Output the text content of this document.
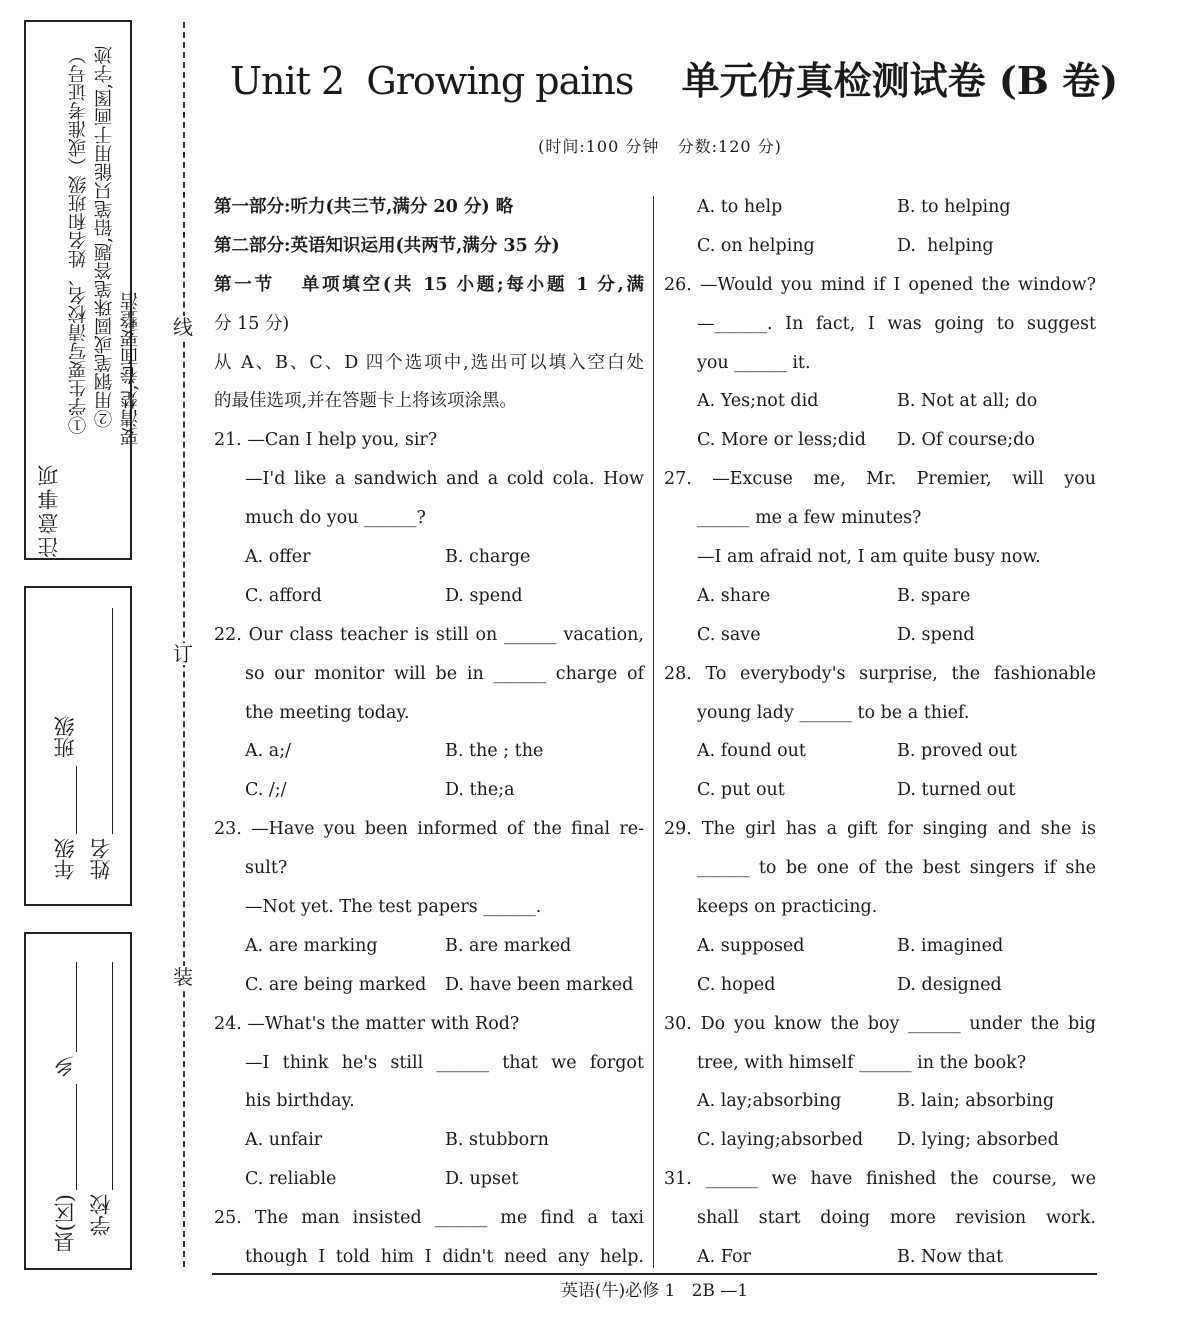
注意事项
①学生要写清校名、姓名和班级（或准考证号） ②用钢笔或圆珠笔答题,铅笔只能用于画图,字迹 要清楚,卷面要整洁
年级
班级
姓名
县(区)
乡
学校
线
订
装
Unit 2  Growing pains 单元仿真检测试卷 (B 卷)
(时间:100 分钟   分数:120 分)
第一部分:听力(共三节,满分 20 分) 略
第二部分:英语知识运用(共两节,满分 35 分)
第一节   单项填空(共 15 小题;每小题 1 分,满
分 15 分)
从 A、B、C、D 四个选项中,选出可以填入空白处
的最佳选项,并在答题卡上将该项涂黑。
21. —Can I help you, sir?
—I'd like a sandwich and a cold cola. How
much do you ______?
A. offer	B. charge
C. afford	D. spend
22. Our class teacher is still on ______ vacation,
so our monitor will be in ______ charge of
the meeting today.
A. a;/	B. the ; the
C. /;/	D. the;a
23. —Have you been informed of the final re-
sult?
—Not yet. The test papers ______.
A. are marking	B. are marked
C. are being marked D. have been marked
24. —What's the matter with Rod?
—I think he's still ______ that we forgot
his birthday.
A. unfair	B. stubborn
C. reliable	D. upset
25. The man insisted ______ me find a taxi
though I told him I didn't need any help.
A. to help	B. to helping
C. on helping	D.  helping
26. —Would you mind if I opened the window?
—______. In fact, I was going to suggest
you ______ it.
A. Yes;not did	B. Not at all; do
C. More or less;did D. Of course;do
27. —Excuse me, Mr. Premier, will you
______ me a few minutes?
—I am afraid not, I am quite busy now.
A. share	B. spare
C. save	D. spend
28. To everybody's surprise, the fashionable
young lady ______ to be a thief.
A. found out	B. proved out
C. put out	D. turned out
29. The girl has a gift for singing and she is
______ to be one of the best singers if she
keeps on practicing.
A. supposed	B. imagined
C. hoped	D. designed
30. Do you know the boy ______ under the big
tree, with himself ______ in the book?
A. lay;absorbing	B. lain; absorbing
C. laying;absorbed D. lying; absorbed
31. ______ we have finished the course, we
shall start doing more revision work.
A. For	B. Now that
英语(牛)必修 1   2B —1
